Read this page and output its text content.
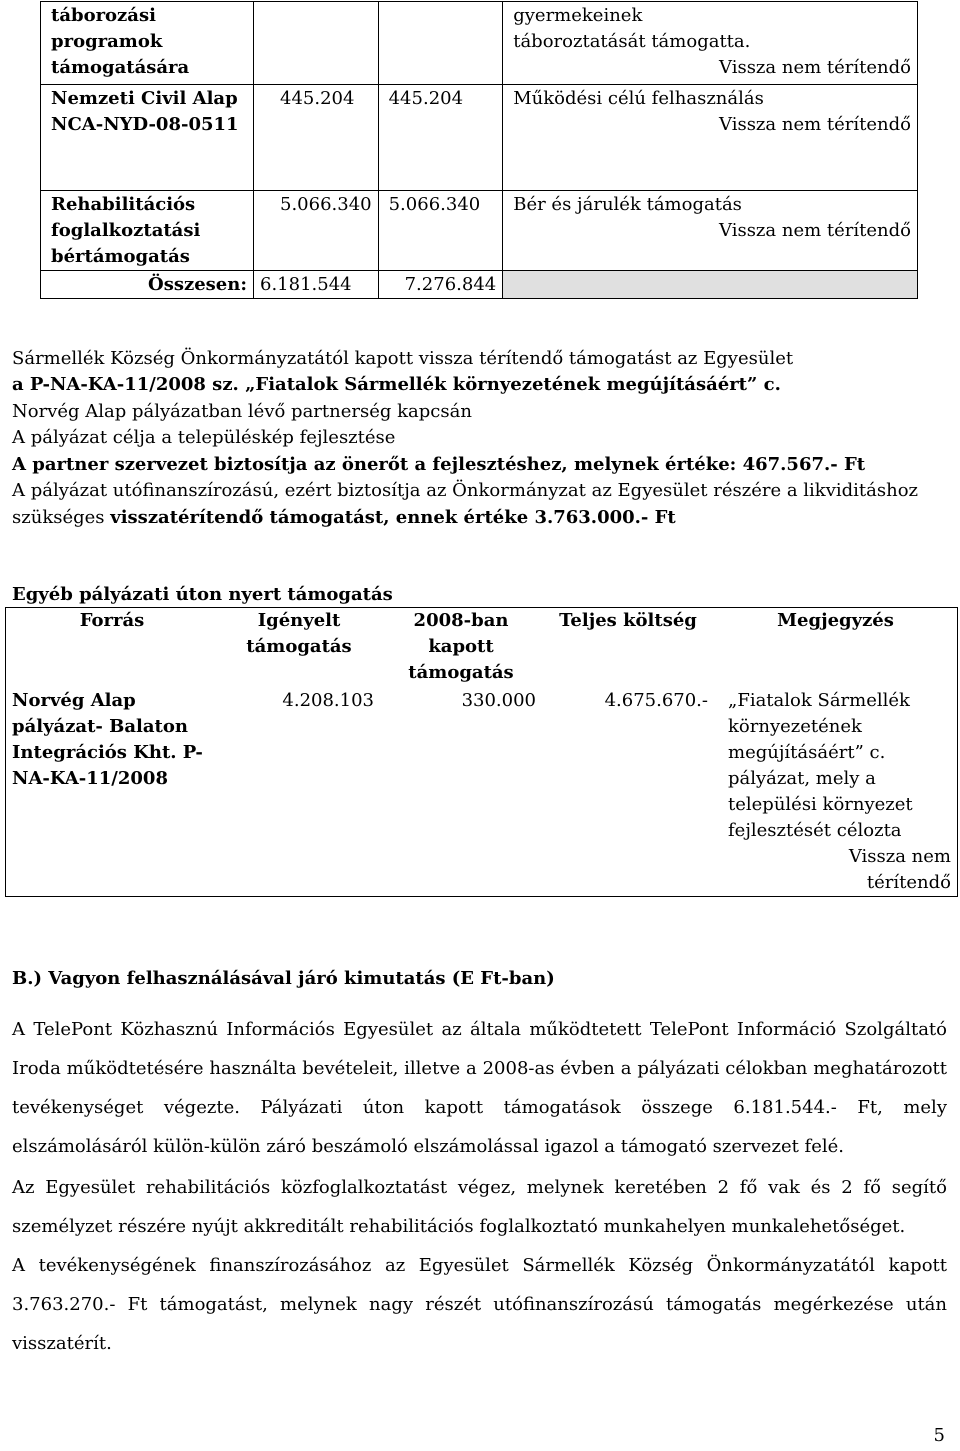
táborozási programok támogatására			gyermekeinek táboroztatását támogatta.
Vissza nem térítendő

Nemzeti Civil Alap NCA-NYD-08-0511	445.204	445.204	Működési célú felhasználás
Vissza nem térítendő

Rehabilitációs foglalkoztatási bértámogatás	5.066.340	5.066.340	Bér és járulék támogatás
Vissza nem térítendő

Összesen:	6.181.544	7.276.844	
Sármellék Község Önkormányzatától kapott vissza térítendő támogatást az Egyesület
a P-NA-KA-11/2008 sz. „Fiatalok Sármellék környezetének megújításáért” c.
Norvég Alap pályázatban lévő partnerség kapcsán
A pályázat célja a településkép fejlesztése
A partner szervezet biztosítja az önerőt a fejlesztéshez, melynek értéke: 467.567.- Ft
A pályázat utófinanszírozású, ezért biztosítja az Önkormányzat az Egyesület részére a likviditáshoz
szükséges visszatérítendő támogatást, ennek értéke 3.763.000.- Ft
Egyéb pályázati úton nyert támogatás
Forrás	Igényelt támogatás	2008-ban kapott támogatás	Teljes költség	Megjegyzés
Norvég Alap pályázat- Balaton Integrációs Kht. P-NA-KA-11/2008	4.208.103	330.000	4.675.670.-	„Fiatalok Sármellék környezetének megújításáért” c. pályázat, mely a települési környezet fejlesztését célozta
Vissza nem térítendő
B.) Vagyon felhasználásával járó kimutatás (E Ft-ban)
A TelePont Közhasznú Információs Egyesület az általa működtetett TelePont Információ Szolgáltató Iroda működtetésére használta bevételeit, illetve a 2008-as évben a pályázati célokban meghatározott tevékenységet végezte. Pályázati úton kapott támogatások összege 6.181.544.- Ft, mely elszámolásáról külön-külön záró beszámoló elszámolással igazol a támogató szervezet felé.
Az Egyesület rehabilitációs közfoglalkoztatást végez, melynek keretében 2 fő vak és 2 fő segítő személyzet részére nyújt akkreditált rehabilitációs foglalkoztató munkahelyen munkalehetőséget.
A tevékenységének finanszírozásához az Egyesület Sármellék Község Önkormányzatától kapott 3.763.270.- Ft támogatást, melynek nagy részét utófinanszírozású támogatás megérkezése után visszatérít.
5
